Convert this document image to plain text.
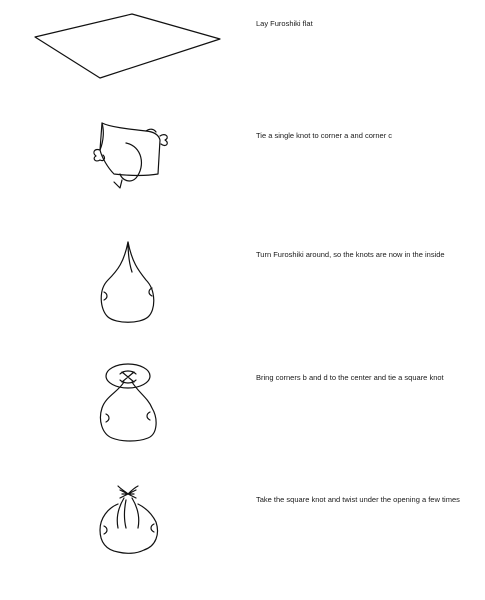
Lay Furoshiki flat
Tie a single knot to corner a and corner c
Turn Furoshiki around, so the knots are now in the inside
Bring corners b and d to the center and tie a square knot
Take the square knot and twist under the opening a few times
